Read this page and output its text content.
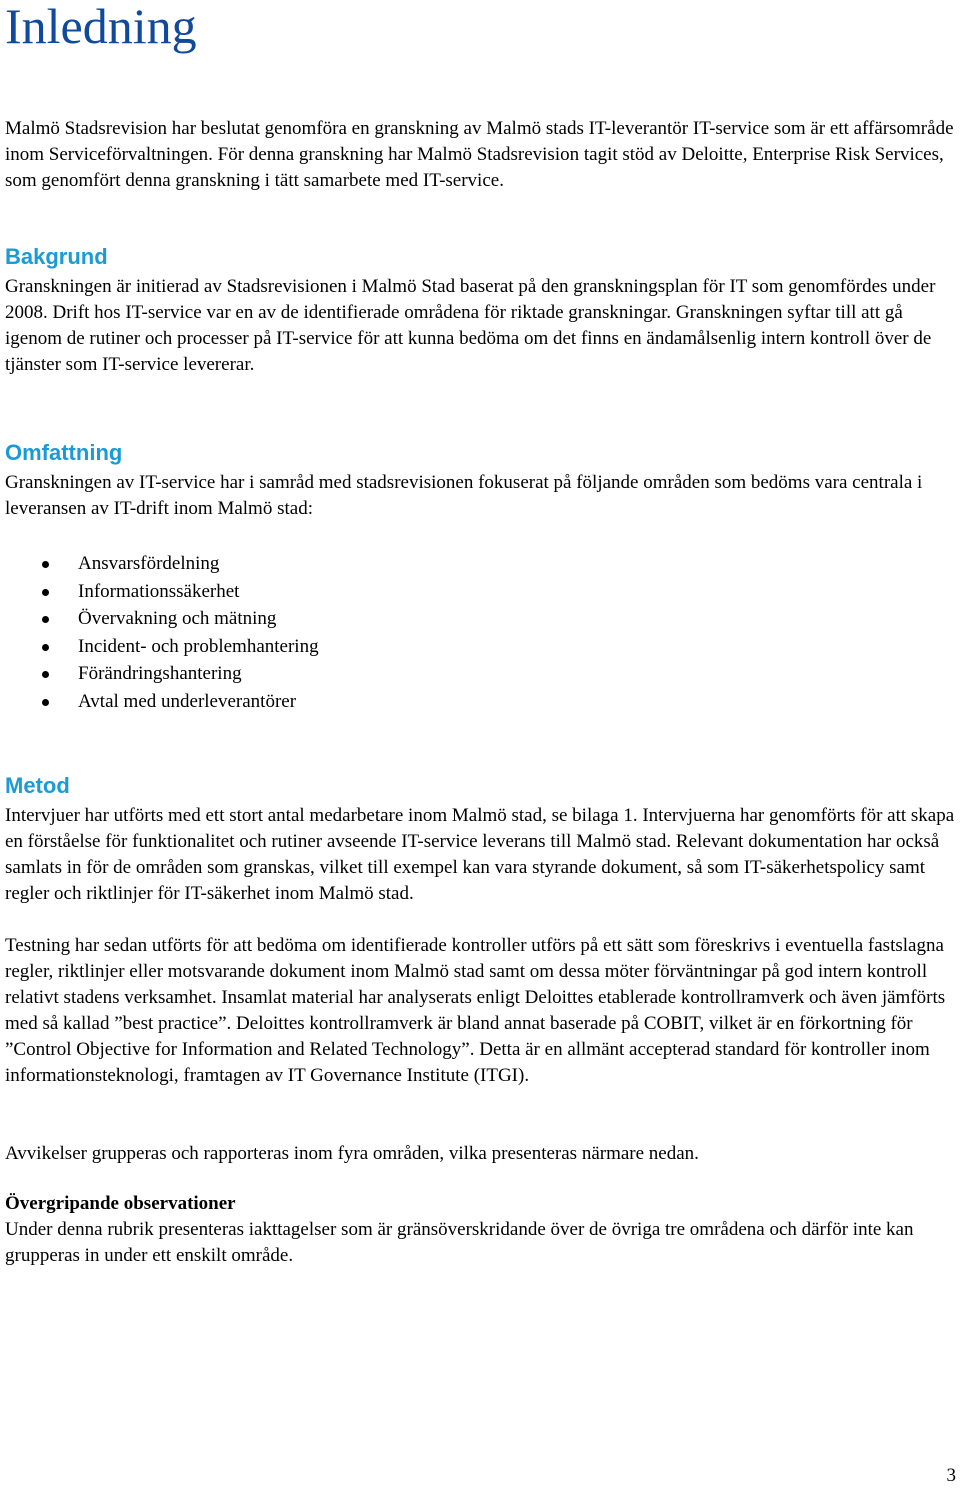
Inledning

Malmö Stadsrevision har beslutat genomföra en granskning av Malmö stads IT-leverantör IT-service som är ett affärsområde inom Serviceförvaltningen. För denna granskning har Malmö Stadsrevision tagit stöd av Deloitte, Enterprise Risk Services, som genomfört denna granskning i tätt samarbete med IT-service.

Bakgrund

Granskningen är initierad av Stadsrevisionen i Malmö Stad baserat på den granskningsplan för IT som genomfördes under 2008. Drift hos IT-service var en av de identifierade områdena för riktade granskningar. Granskningen syftar till att gå igenom de rutiner och processer på IT-service för att kunna bedöma om det finns en ändamålsenlig intern kontroll över de tjänster som IT-service levererar.

Omfattning

Granskningen av IT-service har i samråd med stadsrevisionen fokuserat på följande områden som bedöms vara centrala i leveransen av IT-drift inom Malmö stad:

Ansvarsfördelning
Informationssäkerhet
Övervakning och mätning
Incident- och problemhantering
Förändringshantering
Avtal med underleverantörer
Metod

Intervjuer har utförts med ett stort antal medarbetare inom Malmö stad, se bilaga 1. Intervjuerna har genomförts för att skapa en förståelse för funktionalitet och rutiner avseende IT-service leverans till Malmö stad. Relevant dokumentation har också samlats in för de områden som granskas, vilket till exempel kan vara styrande dokument, så som IT-säkerhetspolicy samt regler och riktlinjer för IT-säkerhet inom Malmö stad.

Testning har sedan utförts för att bedöma om identifierade kontroller utförs på ett sätt som föreskrivs i eventuella fastslagna regler, riktlinjer eller motsvarande dokument inom Malmö stad samt om dessa möter förväntningar på god intern kontroll relativt stadens verksamhet. Insamlat material har analyserats enligt Deloittes etablerade kontrollramverk och även jämförts med så kallad ”best practice”. Deloittes kontrollramverk är bland annat baserade på COBIT, vilket är en förkortning för ”Control Objective for Information and Related Technology”. Detta är en allmänt accepterad standard för kontroller inom informationsteknologi, framtagen av IT Governance Institute (ITGI).

Avvikelser grupperas och rapporteras inom fyra områden, vilka presenteras närmare nedan.

Övergripande observationer

Under denna rubrik presenteras iakttagelser som är gränsöverskridande över de övriga tre områdena och därför inte kan grupperas in under ett enskilt område.

3
